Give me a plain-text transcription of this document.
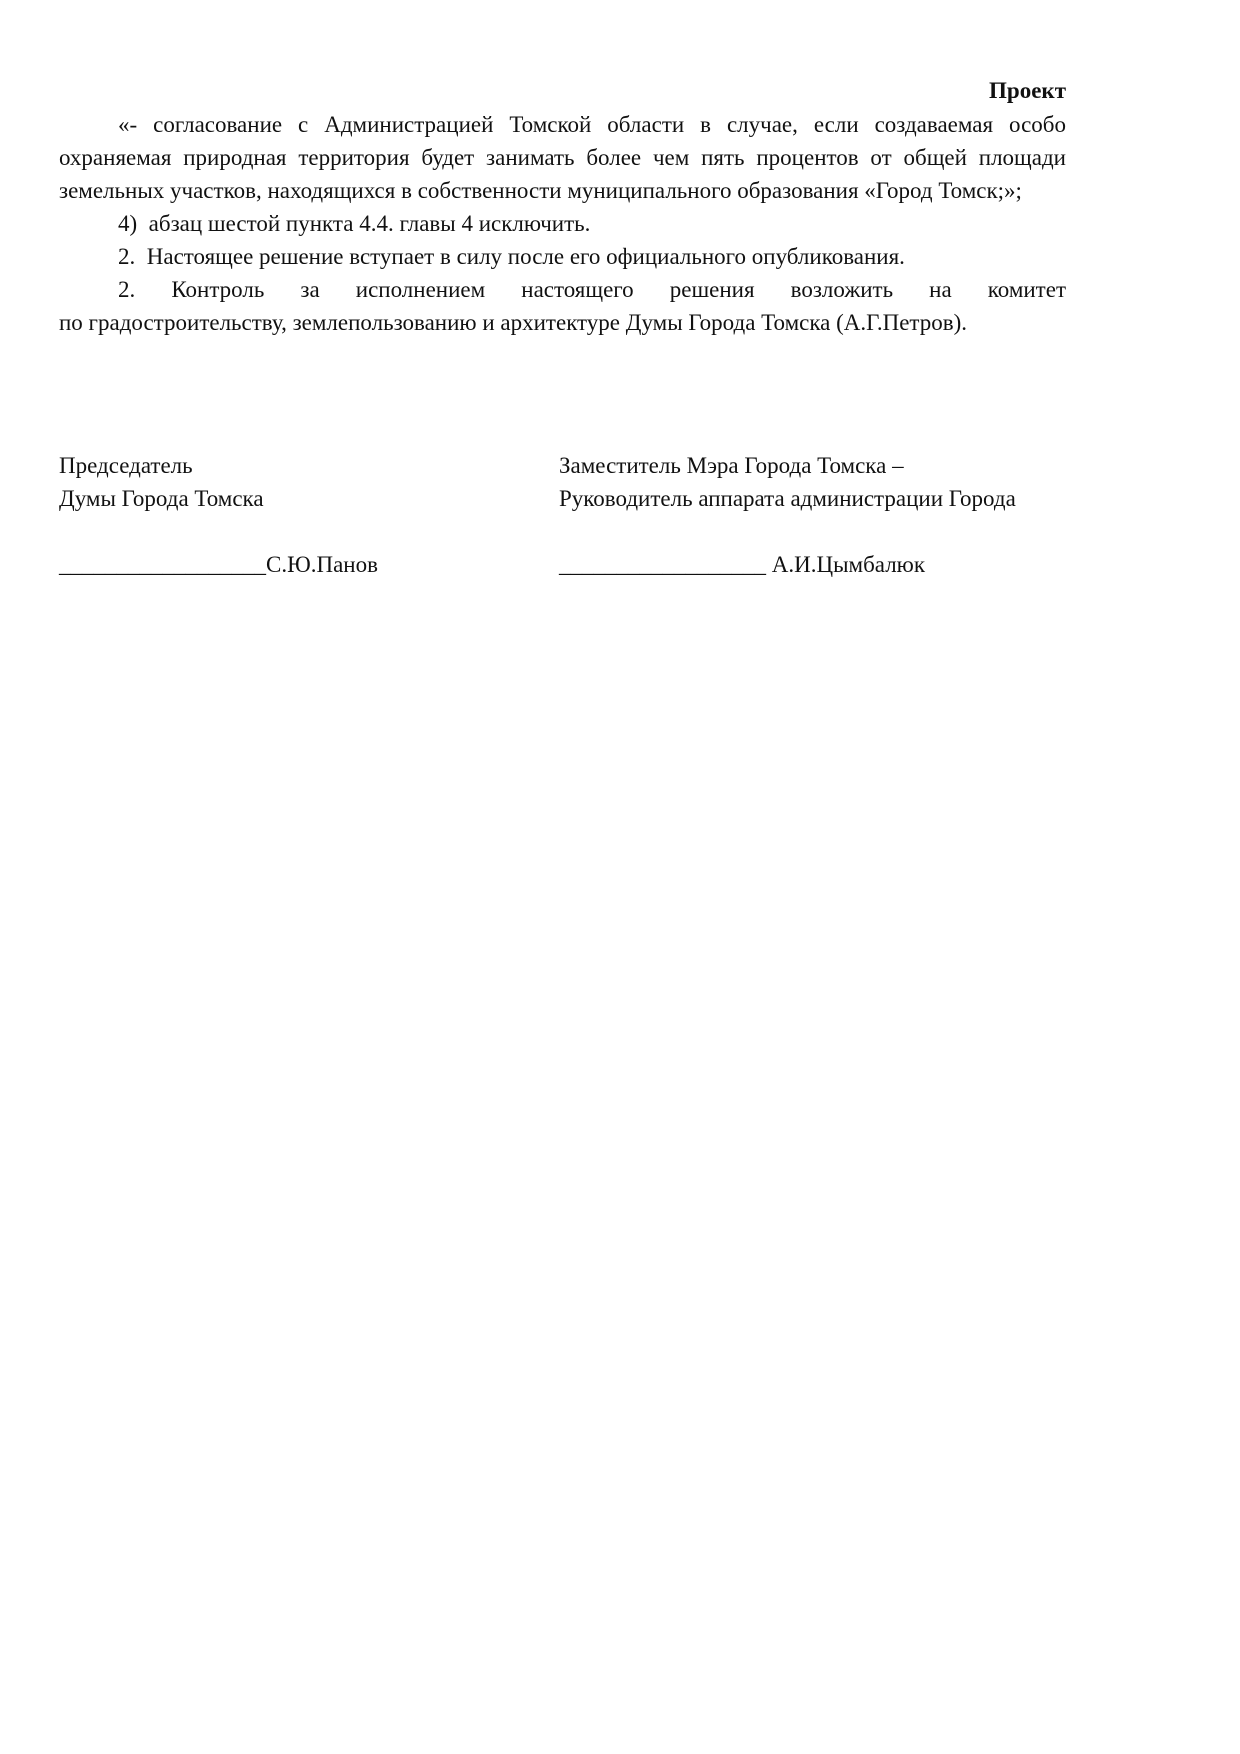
Проект

«- согласование с Администрацией Томской области в случае, если создаваемая особо охраняемая природная территория будет занимать более чем пять процентов от общей площади земельных участков, находящихся в собственности муниципального образования «Город Томск;»;

4)  абзац шестой пункта 4.4. главы 4 исключить.

2.  Настоящее решение вступает в силу после его официального опубликования.

2. Контроль за исполнением настоящего решения возложить на комитет

по градостроительству, землепользованию и архитектуре Думы Города Томска (А.Г.Петров).

Председатель
Думы Города Томска
__________________С.Ю.Панов
Заместитель Мэра Города Томска –
Руководитель аппарата администрации Города
__________________ А.И.Цымбалюк
